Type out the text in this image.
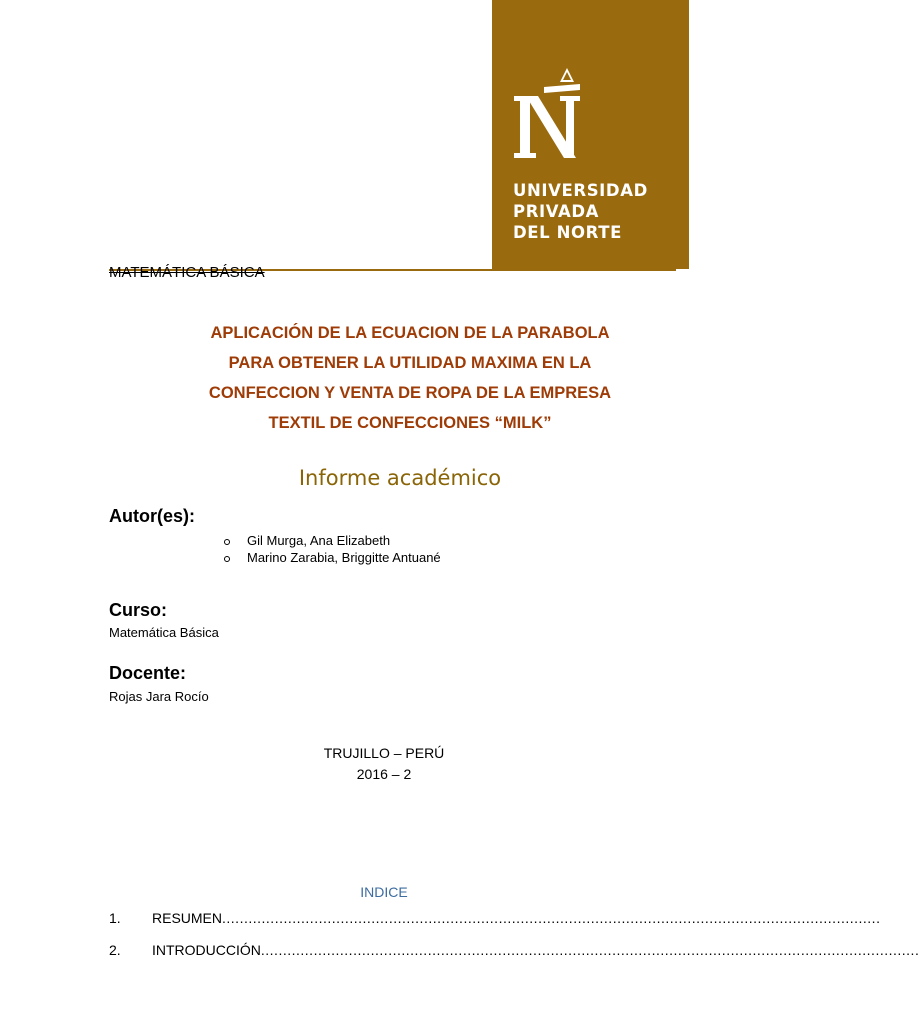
UNIVERSIDAD
PRIVADA
DEL NORTE
MATEMÁTICA BÁSICA
APLICACIÓN DE LA ECUACION DE LA PARABOLA
PARA OBTENER LA UTILIDAD MAXIMA EN LA
CONFECCION Y VENTA DE ROPA DE LA EMPRESA
TEXTIL DE CONFECCIONES “MILK”
Informe académico
Autor(es):
Gil Murga, Ana Elizabeth
Marino Zarabia, Briggitte Antuané
Curso:
Matemática Básica
Docente:
Rojas Jara Rocío
TRUJILLO – PERÚ
2016 – 2
INDICE
1.	RESUMEN ......................................................................................................................................................
2.	INTRODUCCIÓN ......................................................................................................................................................
